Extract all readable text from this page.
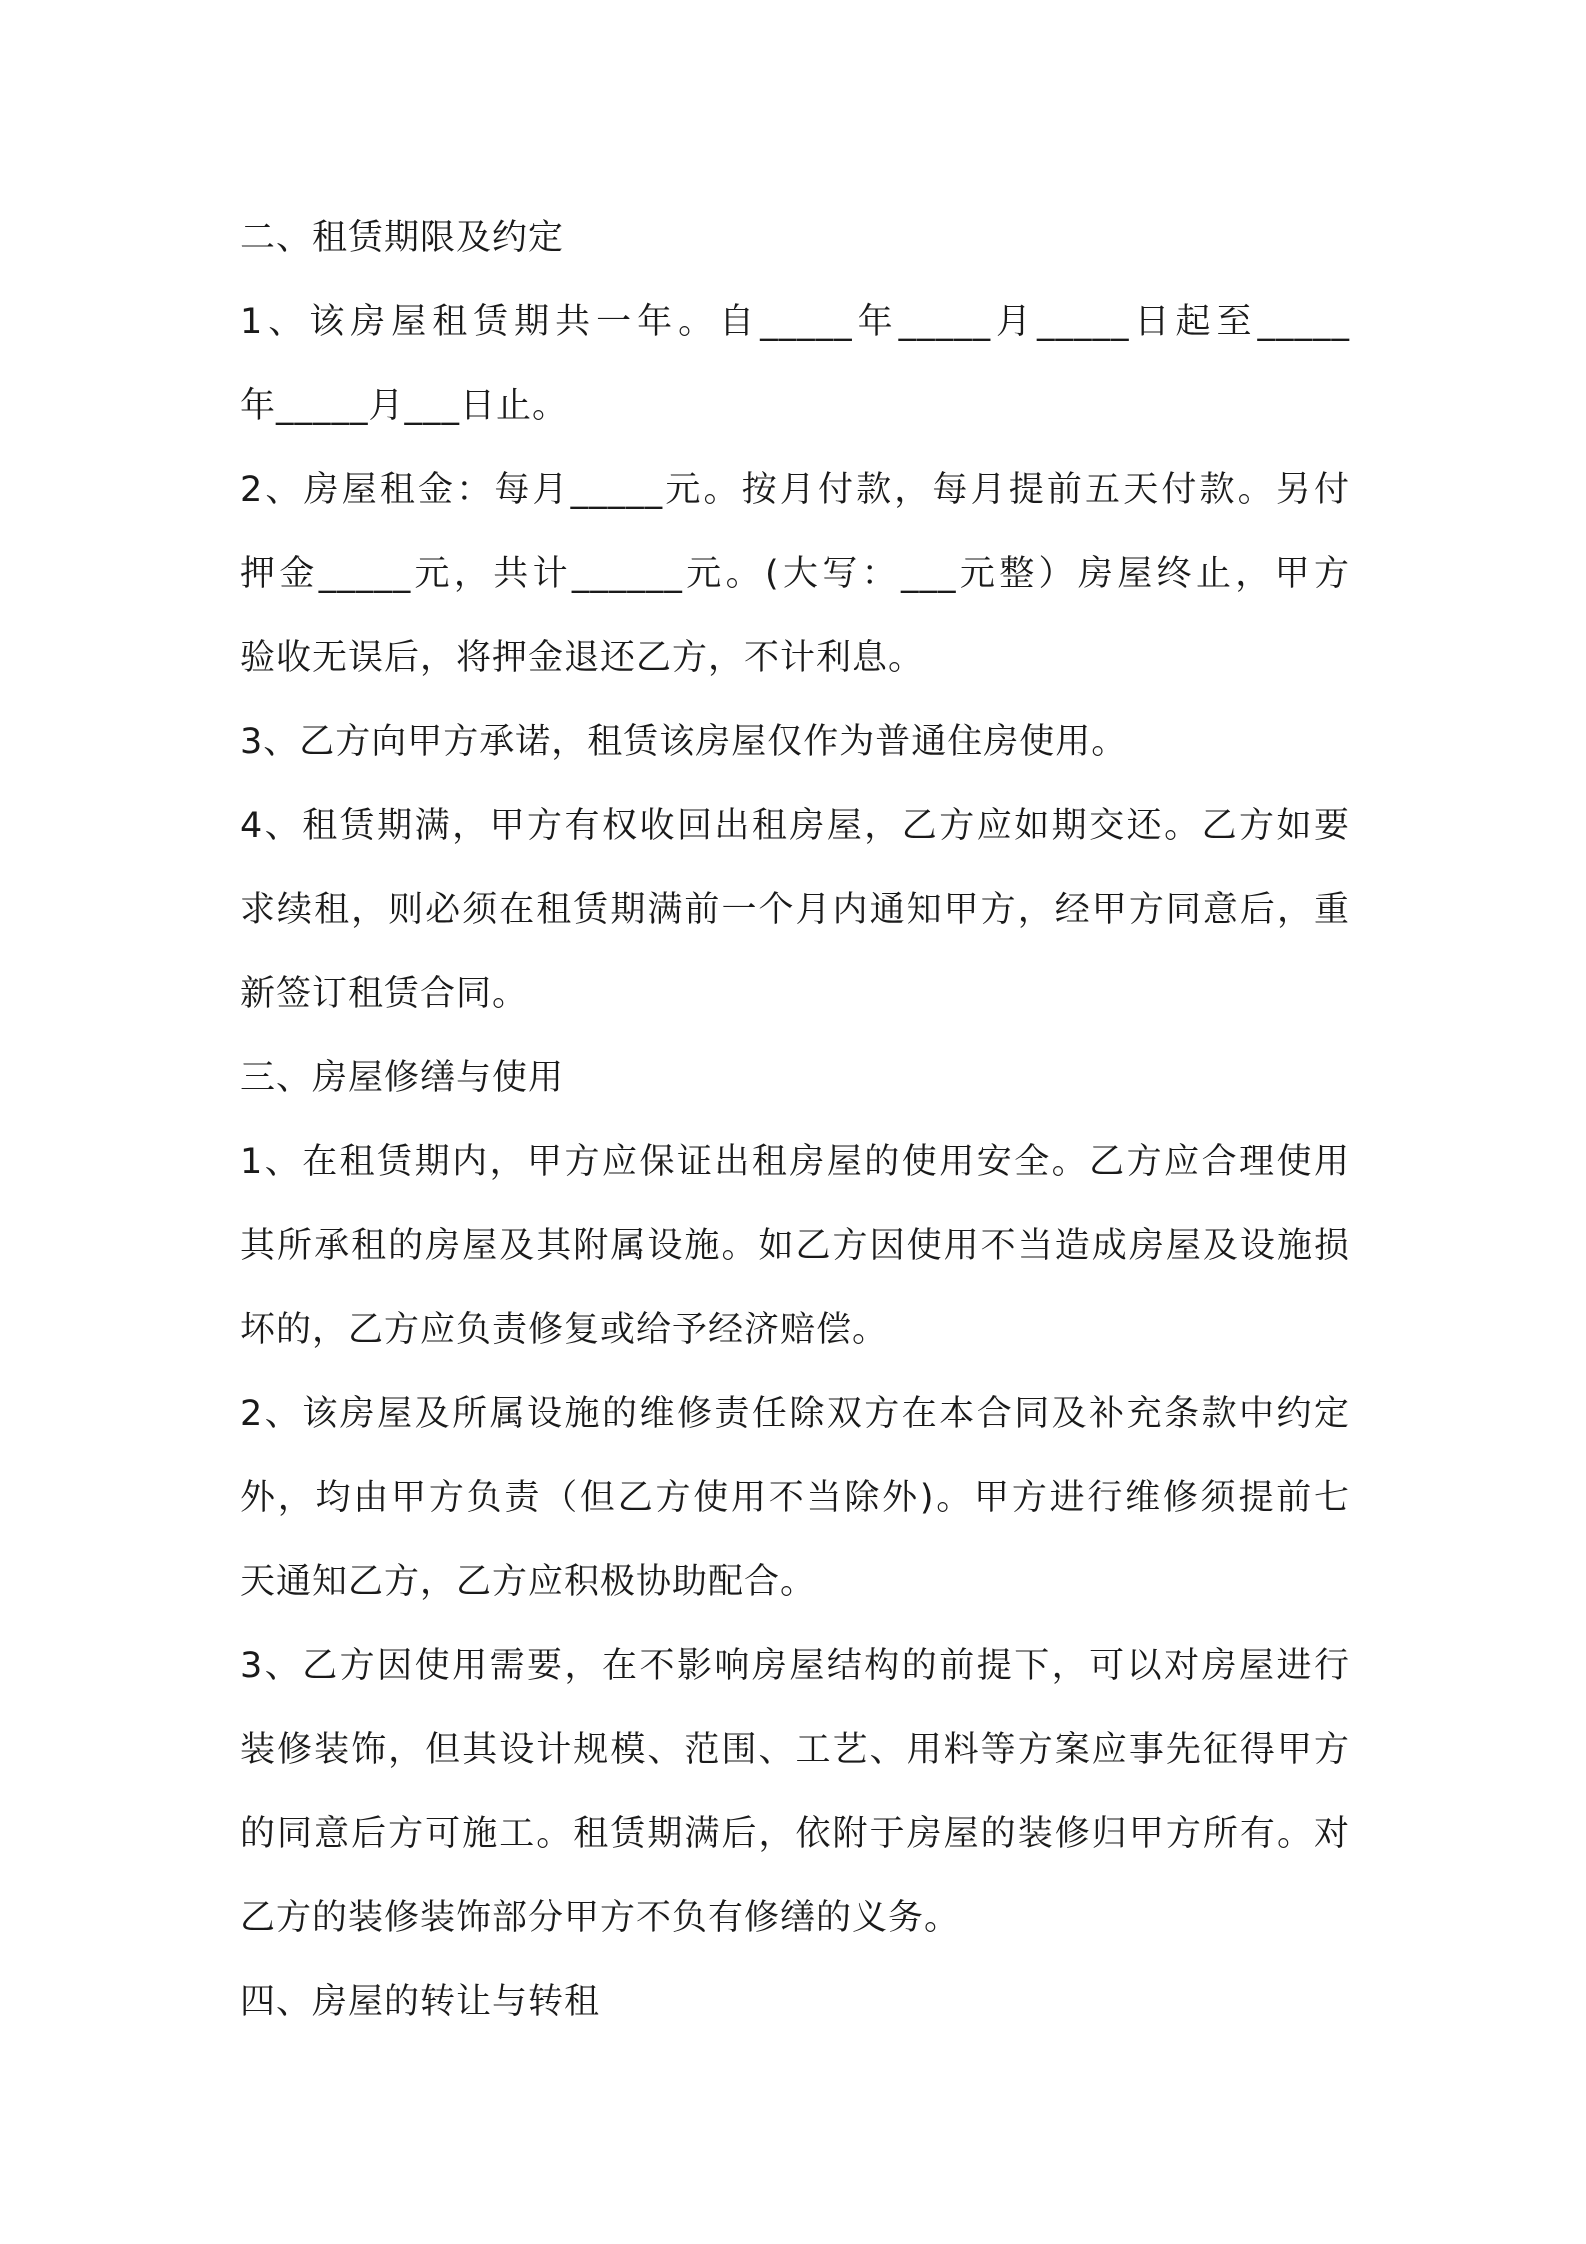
二、租赁期限及约定
1、该房屋租赁期共一年。自_____年_____月_____日起至_____
年_____月___日止。
2、房屋租金：每月_____元。按月付款，每月提前五天付款。另付
押金_____元，共计______元。(大写：___元整）房屋终止，甲方
验收无误后，将押金退还乙方，不计利息。
3、乙方向甲方承诺，租赁该房屋仅作为普通住房使用。
4、租赁期满，甲方有权收回出租房屋，乙方应如期交还。乙方如要
求续租，则必须在租赁期满前一个月内通知甲方，经甲方同意后，重
新签订租赁合同。
三、房屋修缮与使用
1、在租赁期内，甲方应保证出租房屋的使用安全。乙方应合理使用
其所承租的房屋及其附属设施。如乙方因使用不当造成房屋及设施损
坏的，乙方应负责修复或给予经济赔偿。
2、该房屋及所属设施的维修责任除双方在本合同及补充条款中约定
外，均由甲方负责（但乙方使用不当除外)。甲方进行维修须提前七
天通知乙方，乙方应积极协助配合。
3、乙方因使用需要，在不影响房屋结构的前提下，可以对房屋进行
装修装饰，但其设计规模、范围、工艺、用料等方案应事先征得甲方
的同意后方可施工。租赁期满后，依附于房屋的装修归甲方所有。对
乙方的装修装饰部分甲方不负有修缮的义务。
四、房屋的转让与转租
